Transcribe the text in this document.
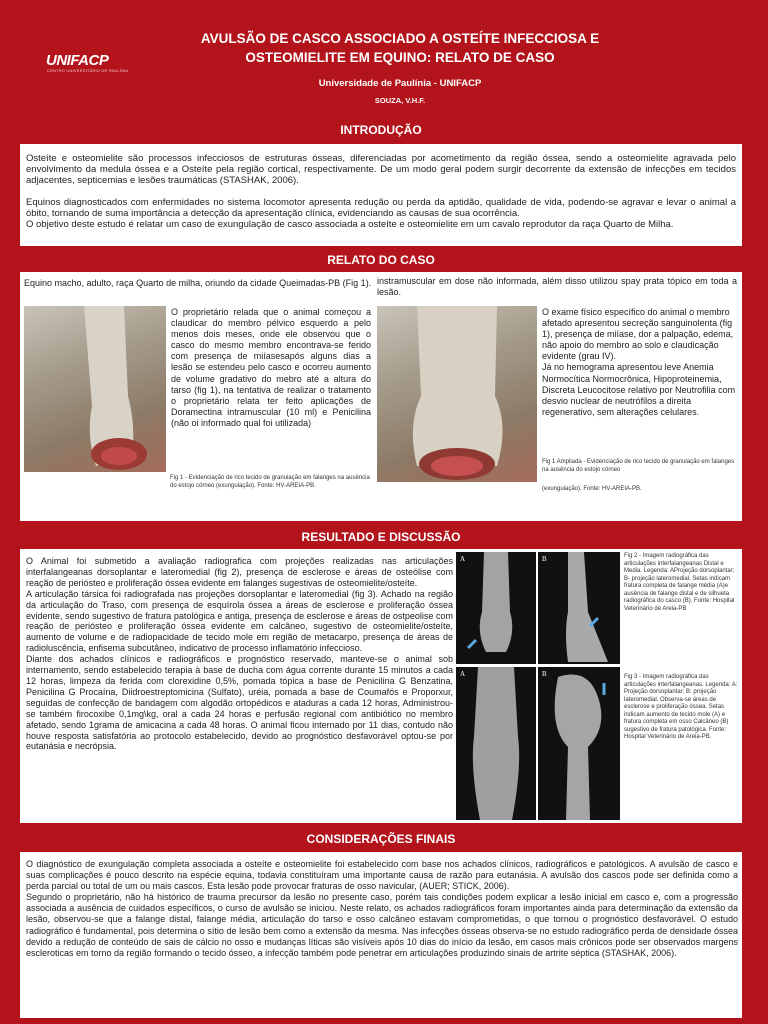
UNIFACP
CENTRO UNIVERSITÁRIO DE PAULÍNIA
AVULSÃO DE CASCO ASSOCIADO A OSTEÍTE INFECCIOSA E OSTEOMIELITE EM EQUINO: RELATO DE CASO
Universidade de Paulínia - UNIFACP
SOUZA, V.H.F.
INTRODUÇÃO

Osteíte e osteomielite são processos infecciosos de estruturas ósseas, diferenciadas por acometimento da região óssea, sendo a osteomielite agravada pelo envolvimento da medula óssea e a Osteíte pela região cortical, respectivamente. De um modo geral podem surgir decorrente da extensão de infecções em tecidos adjacentes, septicemias e lesões traumáticas (STASHAK, 2006).

Equinos diagnosticados com enfermidades no sistema locomotor apresenta redução ou perda da aptidão, qualidade de vida, podendo-se agravar e levar o animal a óbito, tornando de suma importância a detecção da apresentação clínica, evidenciando as causas de sua ocorrência.

O objetivo deste estudo é relatar um caso de exungulação de casco associada a osteíte e osteomielite em um cavalo reprodutor da raça Quarto de Milha.

RELATO DO CASO
Equino macho, adulto, raça Quarto de milha, oriundo da cidade Queimadas-PB (Fig 1).
O proprietário relada que o animal começou a claudicar do membro pélvico esquerdo a pelo menos dois meses, onde ele observou que o casco do mesmo membro encontrava-se ferido com presença de miíasesapós alguns dias a lesão se estendeu pelo casco e ocorreu aumento de volume gradativo do mebro até a altura do tarso (fig 1), na tentativa de realizar o tratamento o proprietário relata ter feito aplicações de Doramectina intramuscular (10 ml) e Penicilina (não oi informado qual foi utilizada)
Fig 1 - Evidenciação de rico tecido de granulação em falanges na ausência do estojo córneo (exungulação). Fonte: HV-AREIA-PB.
instramuscular em dose não informada, além disso utilizou spay prata tópico em toda a lesão.

O exame físico específico do animal o membro afetado apresentou secreção sanguinolenta (fig 1), presença de miíase, dor a palpação, edema, não apoio do membro ao solo e claudicação evidente (grau IV).

Já no hemograma apresentou leve Anemia Normocítica Normocrônica, Hipoproteinemia, Discreta Leucocitose relativo por Neutrofilia com desvio nuclear de neutrófilos a direita regenerativo, sem alterações celulares.

Fig 1 Ampliada - Evidenciação de rico tecido de granulação em falanges na ausência do estojo córneo
(exungulação). Fonte: HV-AREIA-PB.
RESULTADO E DISCUSSÃO

O Animal foi submetido a avaliação radiografica com projeções realizadas nas articulações interfalangeanas dorsoplantar e lateromedial (fig 2), presença de esclerose e áreas de osteólise com reação de periósteo e proliferação óssea evidente em falanges sugestivas de osteomielite/osteíte.

A articulação társica foi radiografada nas projeções dorsoplantar e lateromedial (fig 3). Achado na região da articulação do Traso, com presença de esquírola óssea a áreas de esclerose e proliferação óssea evidente, sendo sugestivo de fratura patológica e antiga, presença de esclerose e áreas de ostpeolise com reação de periósteo e proliferação óssea evidente em calcâneo, sugestivo de osteomielite/osteíte, aumento de volume e de radiopacidade de tecido mole em região de metacarpo, presença de áreas de radioluscência, enfisema subcutâneo, indicativo de processo inflamatório infeccioso.

Diante dos achados clínicos e radiográficos e prognóstico reservado, manteve-se o animal sob internamento, sendo estabelecido terapia à base de ducha com água corrente durante 15 minutos a cada 12 horas, limpeza da ferida com clorexidine 0,5%, pomada tópica a base de Penicilina G Benzatina, Penicilina G Procaína, Diidroestreptomicina (Sulfato), uréia, pomada a base de Coumafós e Proporxur, seguidas de confecção de bandagem com algodão ortopédicos e ataduras a cada 12 horas, Administrou-se também firocoxibe 0,1mg\kg, oral a cada 24 horas e perfusão regional com antibiótico no membro afetado, sendo 1grama de amicacina a cada 48 horas. O animal ficou internado por 11 dias, contudo não houve resposta satisfatória ao protocolo estabelecido, devido ao prognóstico desfavorável optou-se por eutanásia e necrópsia.

A	B	Fig 2 - Imagem radiográfica das articulações interfalangeanas Distal e Media. Legenda: AProjeção dorsoplantar; B- projeção lateromedial. Setas indicam fratura completa de falange média (A)e ausência de falange distal e de silhueta radiográfica do casco (B). Fonte: Hospital Veterinário de Areia-PB
A	B	Fig 3 - Imagem radiográfica das articulações interfalangeanas. Legenda: A: Projeção dorsoplantar; B: projeção lateromedial. Observa-se áreas de esclerose e proliferação óssea. Setas indicam aumento de tecido mole (A) e fratura completa em osso Calcâneo (B) sugestivo de fratura patológica. Fonte: Hospital Veterinário de Areia-PB.
CONSIDERAÇÕES FINAIS

O diagnóstico de exungulação completa associada a osteíte e osteomielite foi estabelecido com base nos achados clínicos, radiográficos e patológicos. A avulsão de casco e suas complicações é pouco descrito na espécie equina, todavia constituíram uma importante causa de razão para eutanásia. A avulsão dos cascos pode ser definida como a perda parcial ou total de um ou mais cascos. Esta lesão pode provocar fraturas de osso navicular, (AUER; STICK, 2006).

Segundo o proprietário, não há histórico de trauma precursor da lesão no presente caso, porém tais condições podem explicar a lesão inicial em casco e, com a progressão associada a ausência de cuidados específicos, o curso de avulsão se iniciou. Neste relato, os achados radiográficos foram importantes ainda para determinação da extensão da lesão, observou-se que a falange distal, falange média, articulação do tarso e osso calcâneo estavam comprometidas, o que tornou o prognóstico desfavorável. O estudo radiográfico é fundamental, pois determina o sítio de lesão bem como a extensão da mesma. Nas infecções ósseas observa-se no estudo radiográfico perda de densidade óssea devido a redução de conteúdo de sais de cálcio no osso e mudanças líticas são visíveis após 10 dias do início da lesão, em casos mais crônicos pode ser observados margens escleroticas em torno da região formando o tecido ósseo, a infecção também pode penetrar em articulações produzindo sinais de artrite séptica (STASHAK, 2006).
